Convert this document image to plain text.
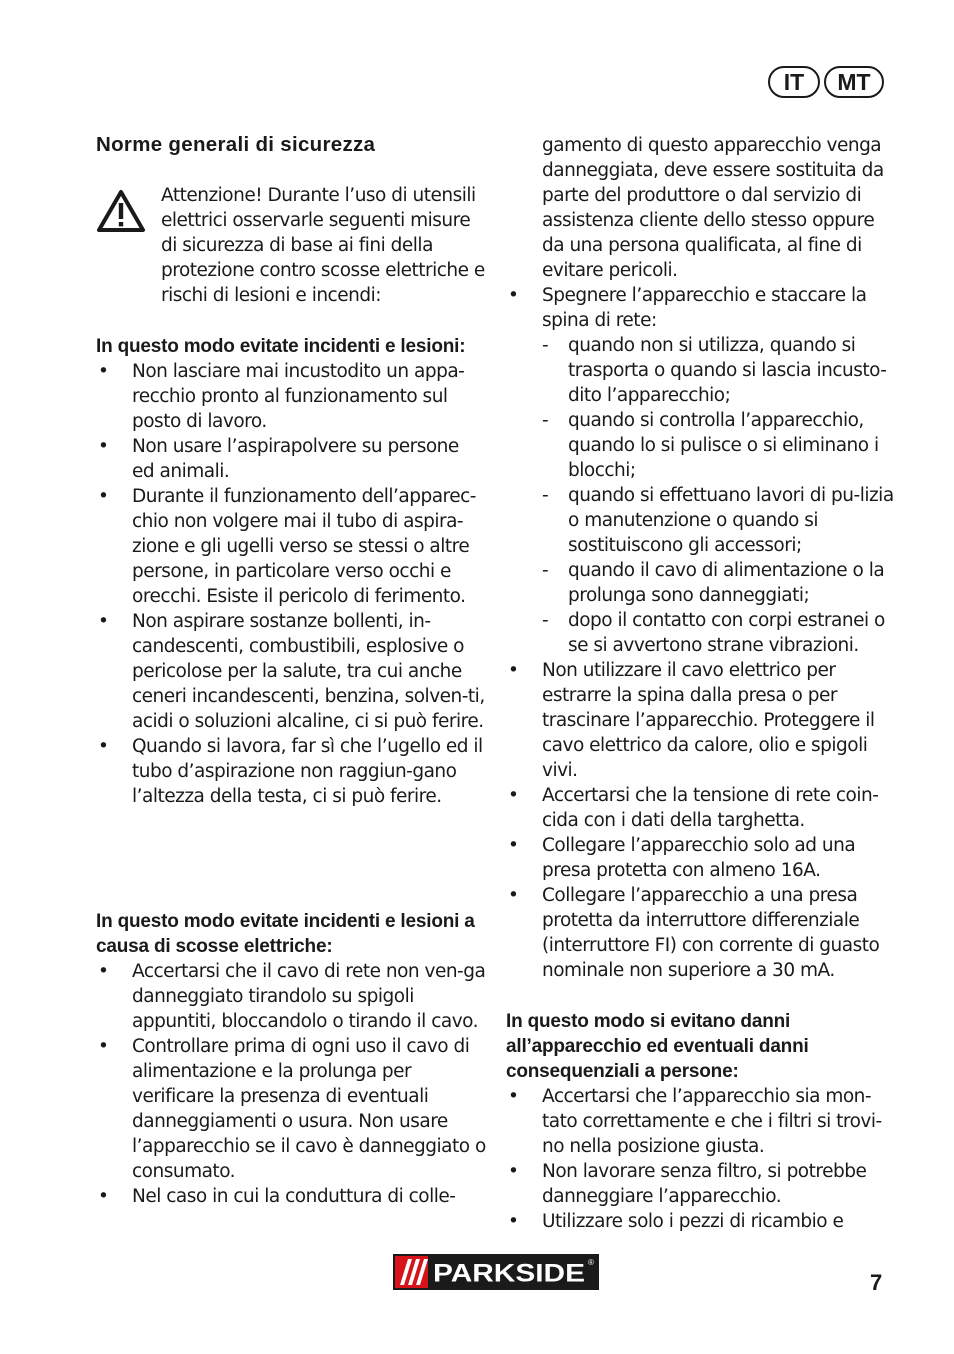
IT	MT
Norme generali di sicurezza

Attenzione! Durante l’uso di utensili elettrici osservarle seguenti misure di sicurezza di base ai fini della protezione contro scosse elettriche e rischi di lesioni e incendi:

In questo modo evitate incidenti e lesioni:
• Non lasciare mai incustodito un appa-recchio pronto al funzionamento sul posto di lavoro.
• Non usare l’aspirapolvere su persone ed animali.
• Durante il funzionamento dell’apparec-chio non volgere mai il tubo di aspira-zione e gli ugelli verso se stessi o altre persone, in particolare verso occhi e orecchi. Esiste il pericolo di ferimento.
• Non aspirare sostanze bollenti, in-candescenti, combustibili, esplosive o pericolose per la salute, tra cui anche ceneri incandescenti, benzina, solven-ti, acidi o soluzioni alcaline, ci si può ferire.
• Quando si lavora, far sì che l’ugello ed il tubo d’aspirazione non raggiun-gano l’altezza della testa, ci si può ferire.
In questo modo evitate incidenti e lesioni a causa di scosse elettriche:
• Accertarsi che il cavo di rete non ven-ga danneggiato tirandolo su spigoli appuntiti, bloccandolo o tirando il cavo.
• Controllare prima di ogni uso il cavo di alimentazione e la prolunga per verificare la presenza di eventuali danneggiamenti o usura. Non usare l’apparecchio se il cavo è danneggiato o consumato.
• Nel caso in cui la conduttura di colle-

gamento di questo apparecchio venga danneggiata, deve essere sostituita da parte del produttore o dal servizio di assistenza cliente dello stesso oppure da una persona qualificata, al fine di evitare pericoli.

• Spegnere l’apparecchio e staccare la spina di rete:
- quando non si utilizza, quando si trasporta o quando si lascia incusto-dito l’apparecchio;
- quando si controlla l’apparecchio, quando lo si pulisce o si eliminano i blocchi;
- quando si effettuano lavori di pu-lizia o manutenzione o quando si sostituiscono gli accessori;
- quando il cavo di alimentazione o la prolunga sono danneggiati;
- dopo il contatto con corpi estranei o se si avvertono strane vibrazioni.
• Non utilizzare il cavo elettrico per estrarre la spina dalla presa o per trascinare l’apparecchio. Proteggere il cavo elettrico da calore, olio e spigoli vivi.
• Accertarsi che la tensione di rete coin-cida con i dati della targhetta.
• Collegare l’apparecchio solo ad una presa protetta con almeno 16A.
• Collegare l’apparecchio a una presa protetta da interruttore differenziale (interruttore FI) con corrente di guasto nominale non superiore a 30 mA.
In questo modo si evitano danni all’apparecchio ed eventuali danni consequenziali a persone:
• Accertarsi che l’apparecchio sia mon-tato correttamente e che i filtri si trovi-no nella posizione giusta.
• Non lavorare senza filtro, si potrebbe danneggiare l’apparecchio.
• Utilizzare solo i pezzi di ricambio e
PARKSIDE ®
7
